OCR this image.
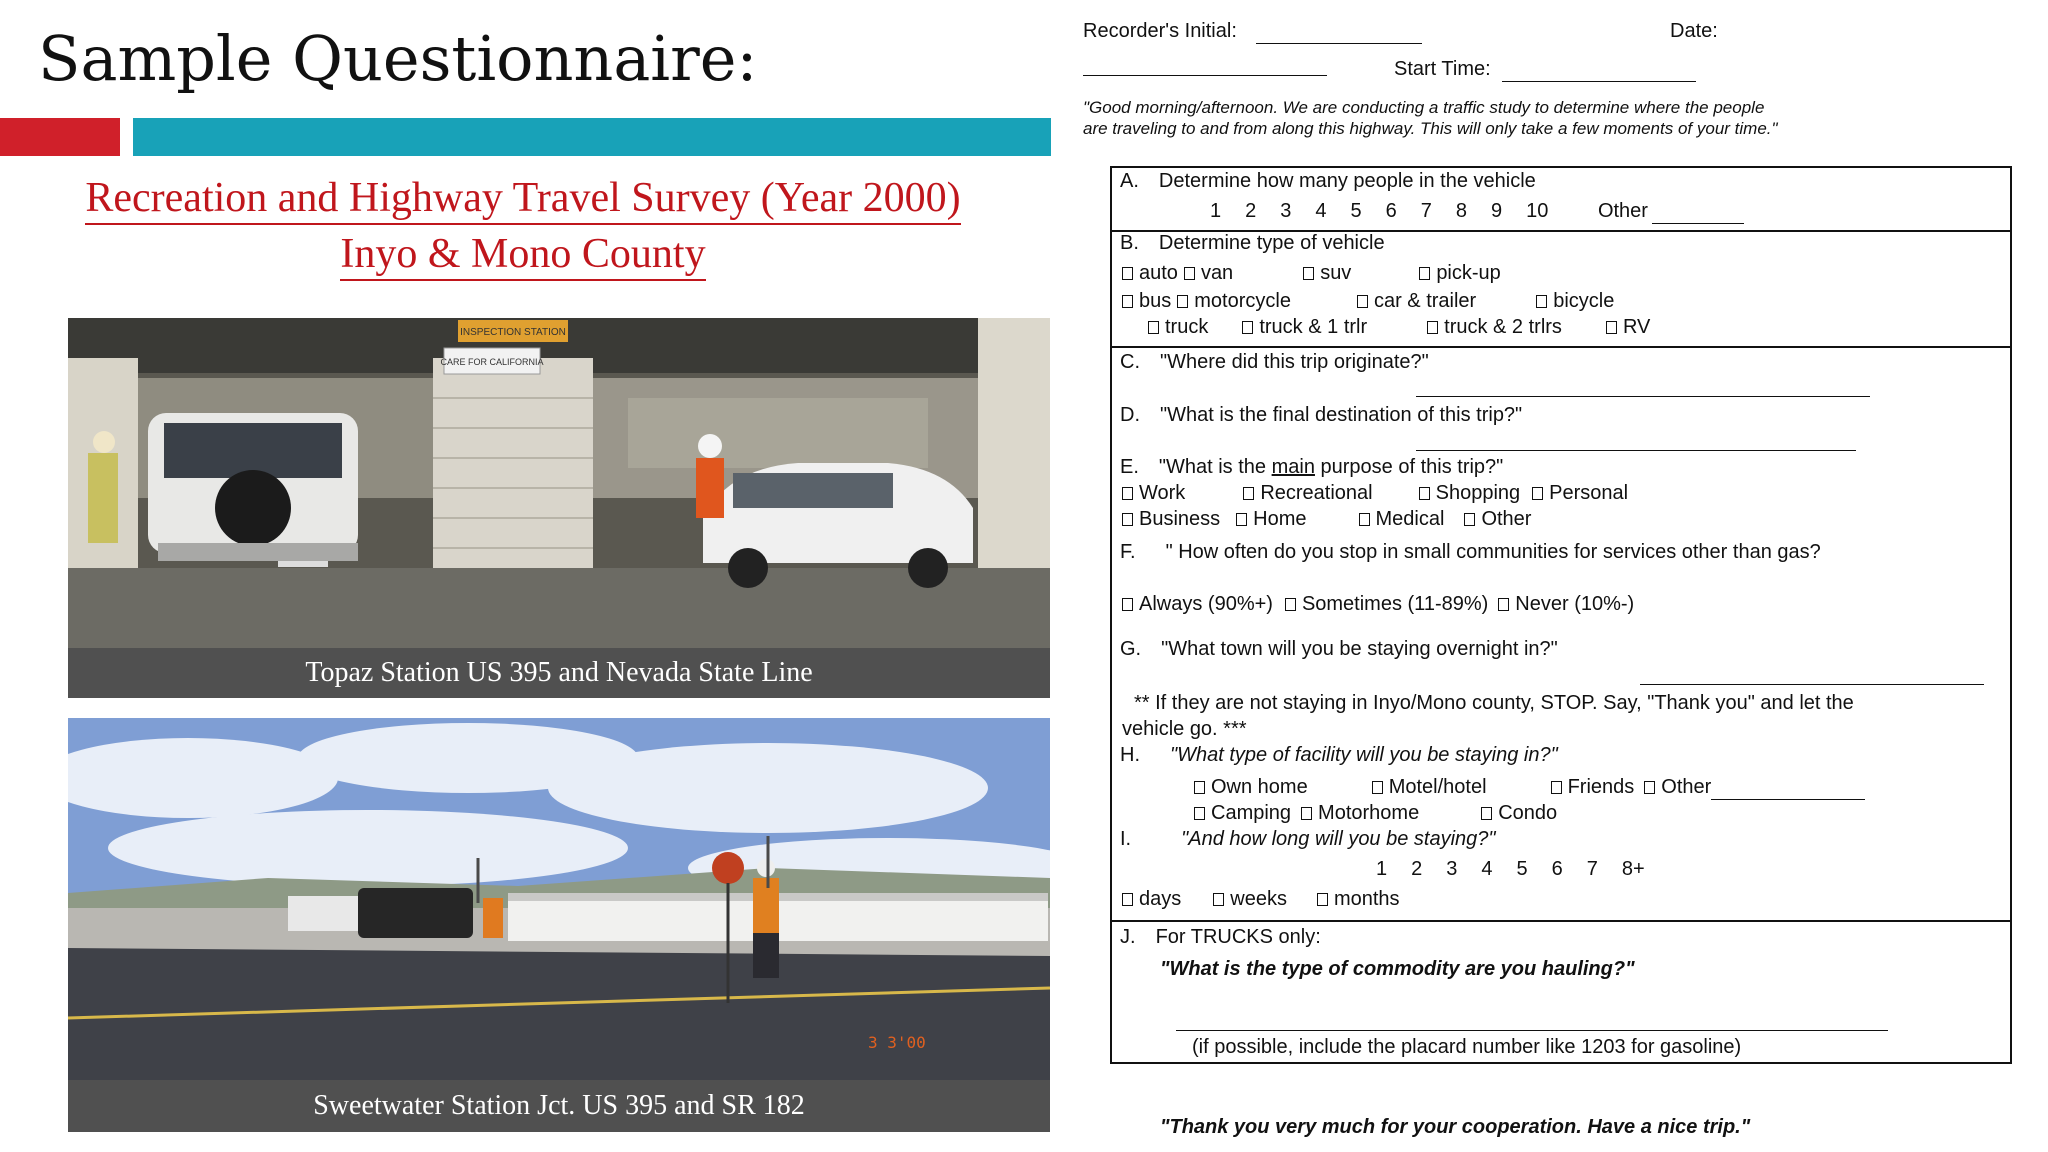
Sample Questionnaire:
Recreation and Highway Travel Survey (Year 2000)
Inyo & Mono County
INSPECTION STATION
CARE FOR CALIFORNIA
Topaz Station US 395 and Nevada State Line
3 3'00
Sweetwater Station Jct. US 395 and SR 182
Recorder's Initial:	Date:

Start Time:
"Good morning/afternoon. We are conducting a traffic study to determine where the people
are traveling to and from along this highway. This will only take a few moments of your time."
A. Determine how many people in the vehicle
1 2 3 4 5 6 7 8 9 10 Other
B. Determine type of vehicle
auto van	suv	pick-up
bus motorcycle	car & trailer	bicycle
truck	truck & 1 trlr	truck & 2 trlrs	RV
C. "Where did this trip originate?"
D. "What is the final destination of this trip?"
E. "What is the main purpose of this trip?"
Work	Recreational	Shopping Personal
Business Home	Medical Other
F. " How often do you stop in small communities for services other than gas?
Always (90%+) Sometimes (11-89%) Never (10%-)
G. "What town will you be staying overnight in?"
** If they are not staying in Inyo/Mono county, STOP. Say, "Thank you" and let the
vehicle go. ***
H. "What type of facility will you be staying in?"
Own home	Motel/hotel	Friends Other
Camping Motorhome	Condo
I.	"And how long will you be staying?"
1 2 3 4 5 6 7 8+
days weeks months
J. For TRUCKS only:
"What is the type of commodity are you hauling?"
(if possible, include the placard number like 1203 for gasoline)
"Thank you very much for your cooperation. Have a nice trip."
